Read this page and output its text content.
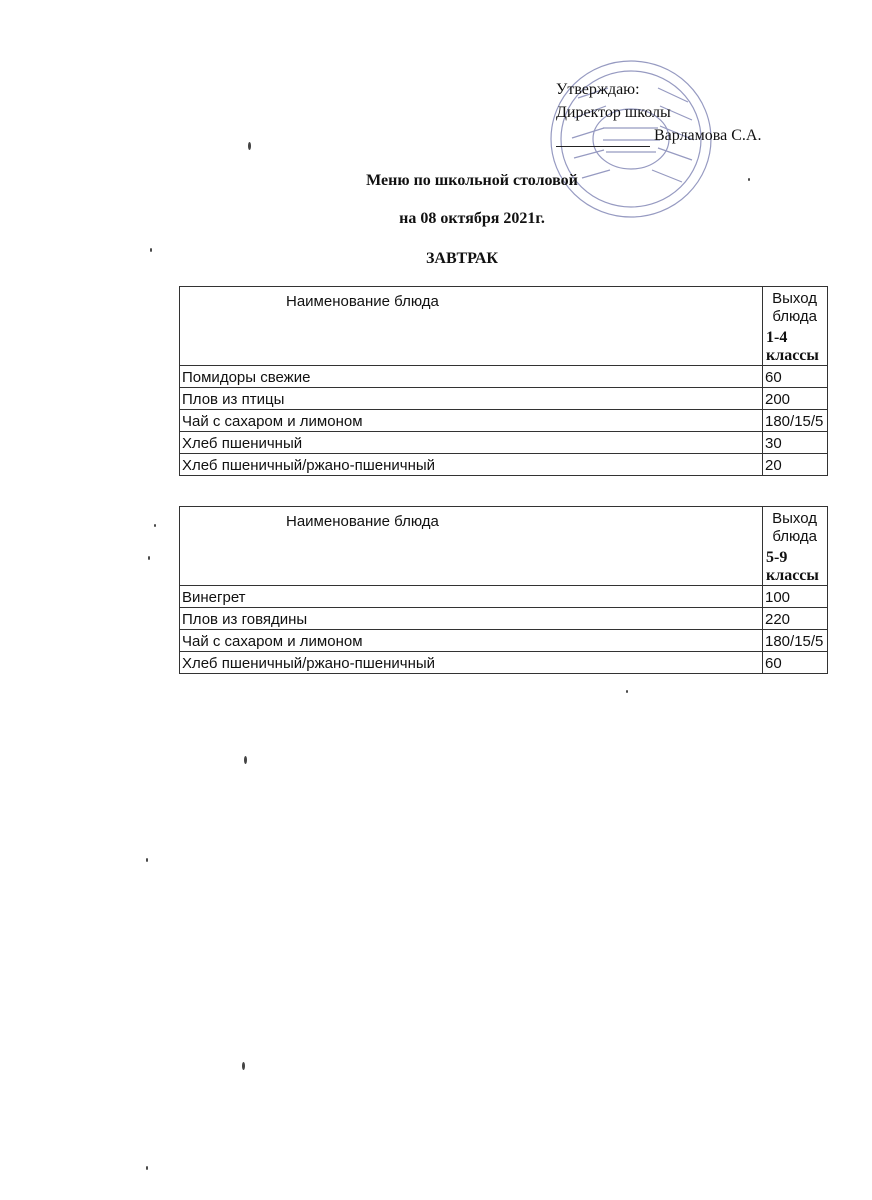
Утверждаю:
Директор школы
Варламова С.А.
Меню по школьной столовой
на 08 октября 2021г.
ЗАВТРАК
Наименование блюда	Выход блюда
	1-4 классы
Помидоры свежие	60
Плов из птицы	200
Чай с сахаром и лимоном	180/15/5
Хлеб пшеничный	30
Хлеб пшеничный/ржано-пшеничный	20
Наименование блюда	Выход блюда
	5-9 классы
Винегрет	100
Плов из говядины	220
Чай с сахаром и лимоном	180/15/5
Хлеб пшеничный/ржано-пшеничный	60
